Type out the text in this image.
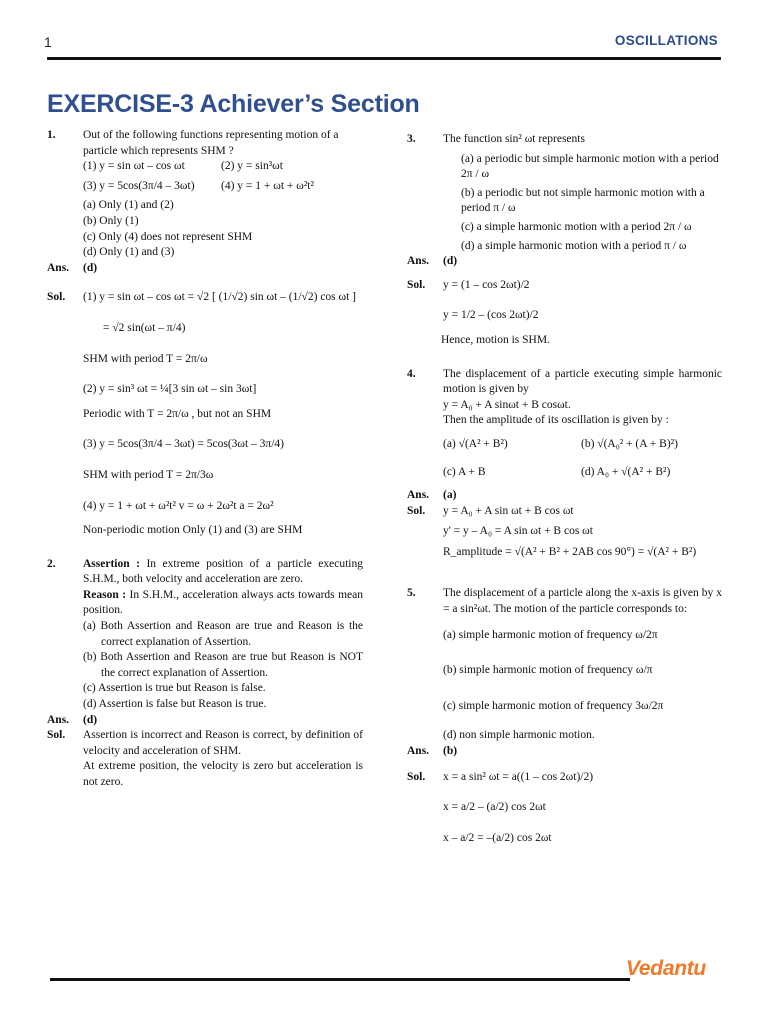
1	OSCILLATIONS
EXERCISE-3 Achiever’s Section
1.	Out of the following functions representing motion of a particle which represents SHM ?
(1) y = sin ωt – cos ωt	(2) y = sin³ωt
(3) y = 5cos(3π/4 – 3ωt)	(4) y = 1 + ωt + ω²t²
(a) Only (1) and (2)
(b) Only (1)
(c) Only (4) does not represent SHM
(d) Only (1) and (3)
Ans.	(d)
Sol.	(1) y = sin ωt – cos ωt = √2 [ (1/√2) sin ωt – (1/√2) cos ωt ]
= √2 sin(ωt – π/4)
SHM with period T = 2π/ω
(2) y = sin³ ωt = ¼[3 sin ωt – sin 3ωt]
Periodic with T = 2π/ω , but not an SHM
(3) y = 5cos(3π/4 – 3ωt) = 5cos(3ωt – 3π/4)
SHM with period T = 2π/3ω
(4) y = 1 + ωt + ω²t² v = ω + 2ω²t a = 2ω²
Non-periodic motion Only (1) and (3) are SHM
2.	Assertion : In extreme position of a particle executing S.H.M., both velocity and acceleration are zero.
Reason : In S.H.M., acceleration always acts towards mean position.
(a) Both Assertion and Reason are true and Reason is the correct explanation of Assertion.
(b) Both Assertion and Reason are true but Reason is NOT the correct explanation of Assertion.
(c) Assertion is true but Reason is false.
(d) Assertion is false but Reason is true.
Ans.	(d)
Sol.	Assertion is incorrect and Reason is correct, by definition of velocity and acceleration of SHM.
At extreme position, the velocity is zero but acceleration is not zero.
3.	The function sin² ωt represents
(a) a periodic but simple harmonic motion with a period 2π / ω
(b) a periodic but not simple harmonic motion with a period π / ω
(c) a simple harmonic motion with a period 2π / ω
(d) a simple harmonic motion with a period π / ω
Ans.	(d)
Sol.	y = (1 – cos 2ωt)/2
y = 1/2 – (cos 2ωt)/2
Hence, motion is SHM.
4.	The displacement of a particle executing simple harmonic motion is given by
y = A₀ + A sinωt + B cosωt.
Then the amplitude of its oscillation is given by :
(a) √(A² + B²)	(b) √(A₀² + (A + B)²)
(c) A + B	(d) A₀ + √(A² + B²)
Ans.	(a)
Sol.	y = A₀ + A sin ωt + B cos ωt
y' = y – A₀ = A sin ωt + B cos ωt
R_amplitude = √(A² + B² + 2AB cos 90°) = √(A² + B²)
5.	The displacement of a particle along the x-axis is given by x = a sin²ωt. The motion of the particle corresponds to:
(a) simple harmonic motion of frequency ω/2π
(b) simple harmonic motion of frequency ω/π
(c) simple harmonic motion of frequency 3ω/2π
(d) non simple harmonic motion.
Ans.	(b)
Sol.	x = a sin² ωt = a((1 – cos 2ωt)/2)
x = a/2 – (a/2) cos 2ωt
x – a/2 = –(a/2) cos 2ωt
Vedantu
